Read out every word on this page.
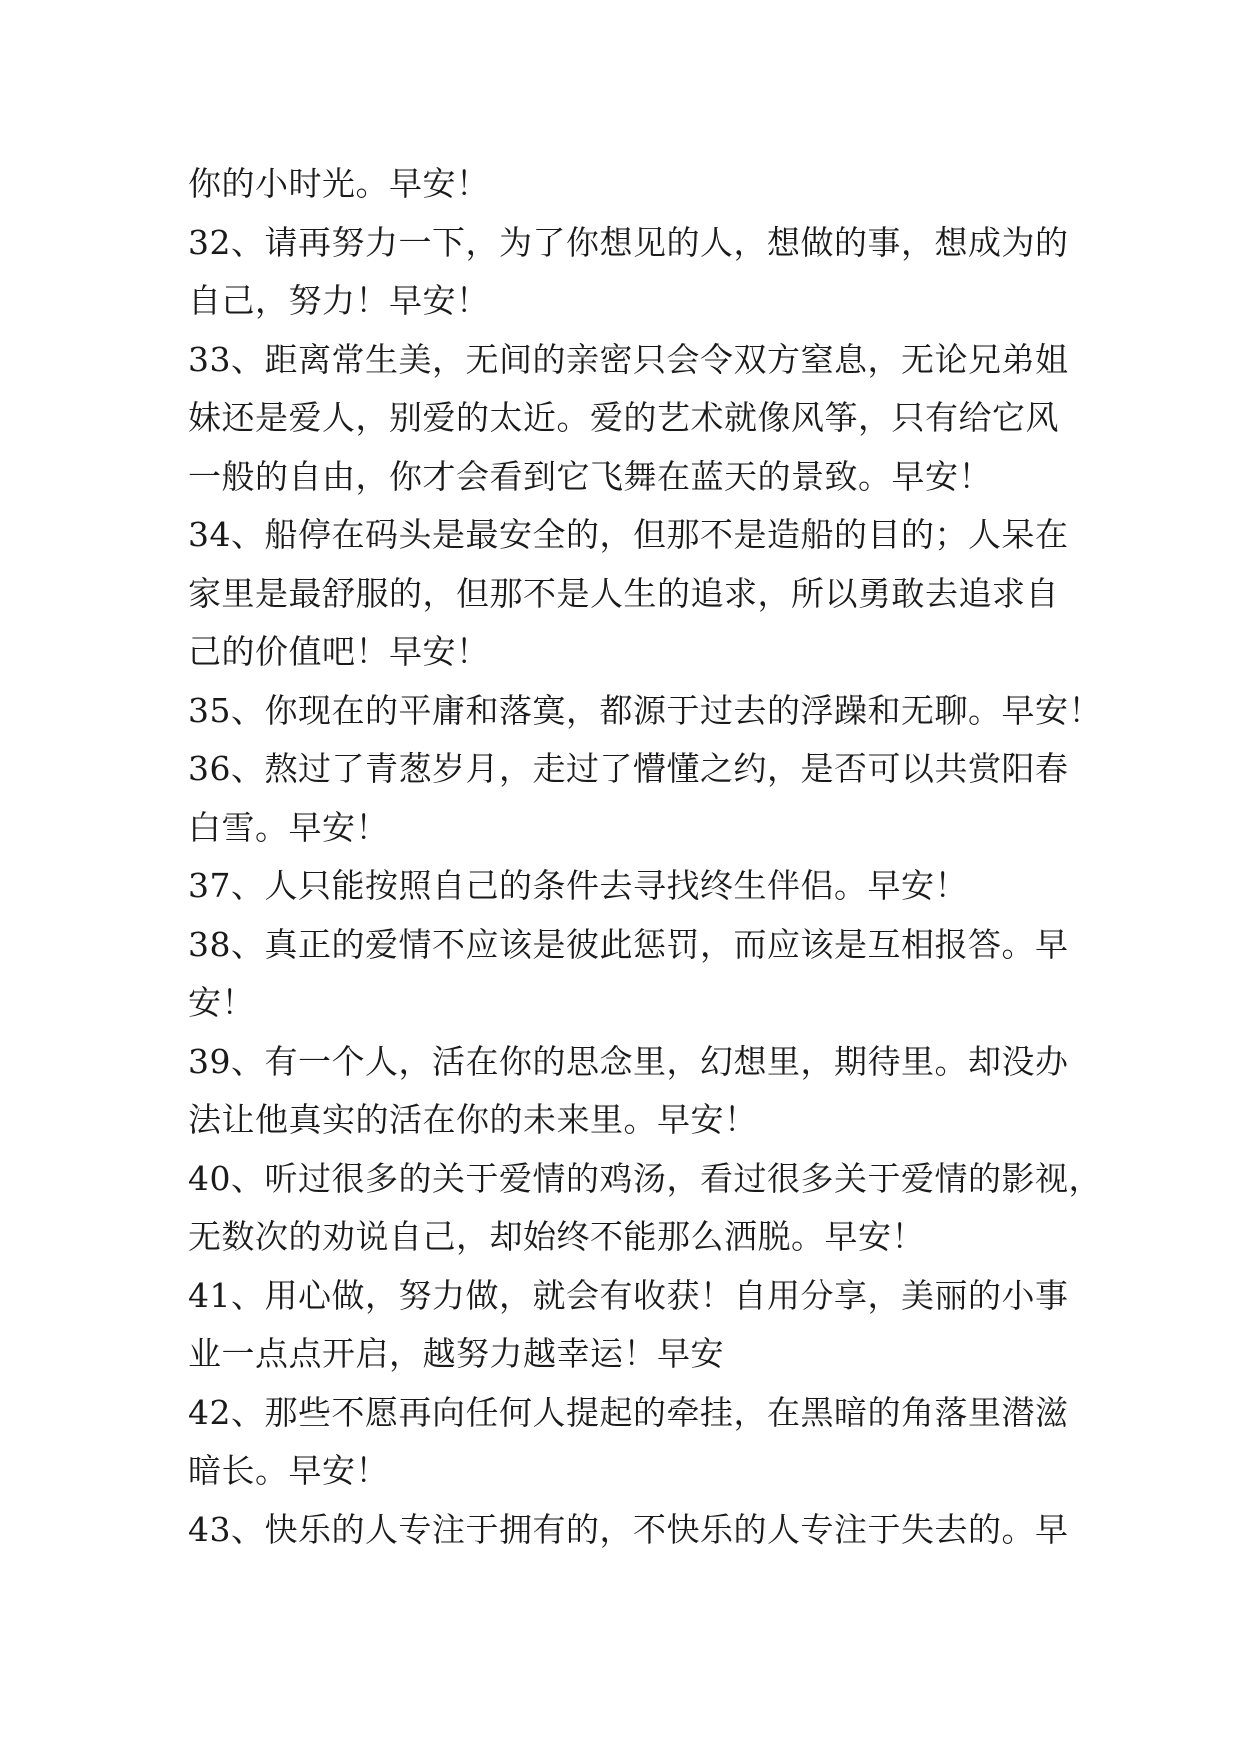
你的小时光。早安！
32、请再努力一下，为了你想见的人，想做的事，想成为的
自己，努力！早安！
33、距离常生美，无间的亲密只会令双方窒息，无论兄弟姐
妹还是爱人，别爱的太近。爱的艺术就像风筝，只有给它风
一般的自由，你才会看到它飞舞在蓝天的景致。早安！
34、船停在码头是最安全的，但那不是造船的目的；人呆在
家里是最舒服的，但那不是人生的追求，所以勇敢去追求自
己的价值吧！早安！
35、你现在的平庸和落寞，都源于过去的浮躁和无聊。早安！
36、熬过了青葱岁月，走过了懵懂之约，是否可以共赏阳春
白雪。早安！
37、人只能按照自己的条件去寻找终生伴侣。早安！
38、真正的爱情不应该是彼此惩罚，而应该是互相报答。早
安！
39、有一个人，活在你的思念里，幻想里，期待里。却没办
法让他真实的活在你的未来里。早安！
40、听过很多的关于爱情的鸡汤，看过很多关于爱情的影视，
无数次的劝说自己，却始终不能那么洒脱。早安！
41、用心做，努力做，就会有收获！自用分享，美丽的小事
业一点点开启，越努力越幸运！早安
42、那些不愿再向任何人提起的牵挂，在黑暗的角落里潜滋
暗长。早安！
43、快乐的人专注于拥有的，不快乐的人专注于失去的。早
